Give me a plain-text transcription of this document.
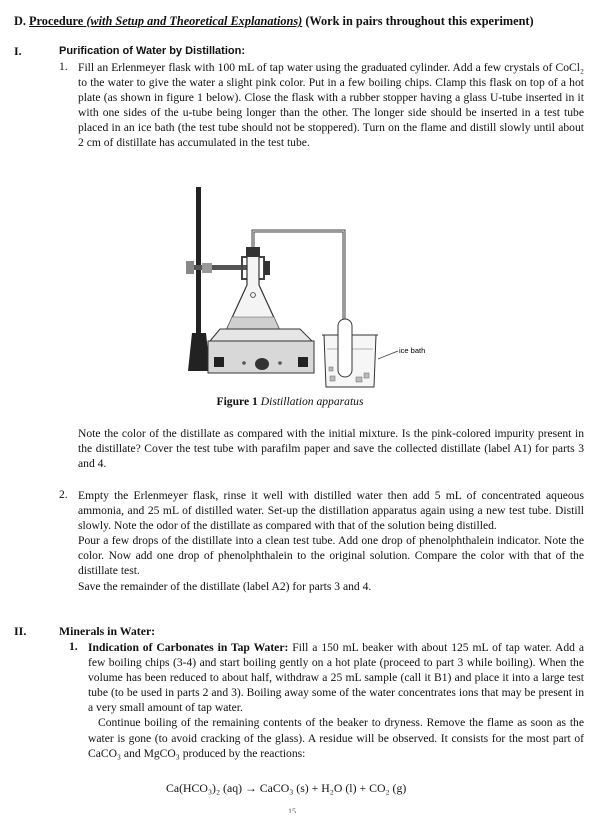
D. Procedure (with Setup and Theoretical Explanations) (Work in pairs throughout this experiment)
I.	Purification of Water by Distillation:
1. Fill an Erlenmeyer flask with 100 mL of tap water using the graduated cylinder. Add a few crystals of CoCl₂ to the water to give the water a slight pink color. Put in a few boiling chips. Clamp this flask on top of a hot plate (as shown in figure 1 below). Close the flask with a rubber stopper having a glass U-tube inserted in it with one sides of the u-tube being longer than the other. The longer side should be inserted in a test tube placed in an ice bath (the test tube should not be stoppered). Turn on the flame and distill slowly until about 2 cm of distillate has accumulated in the test tube.

ice bath
Figure 1 Distillation apparatus

Note the color of the distillate as compared with the initial mixture. Is the pink-colored impurity present in the distillate? Cover the test tube with parafilm paper and save the collected distillate (label A1) for parts 3 and 4.

2. Empty the Erlenmeyer flask, rinse it well with distilled water then add 5 mL of concentrated aqueous ammonia, and 25 mL of distilled water. Set-up the distillation apparatus again using a new test tube. Distill slowly. Note the odor of the distillate as compared with that of the solution being distilled.

Pour a few drops of the distillate into a clean test tube. Add one drop of phenolphthalein indicator. Note the color. Now add one drop of phenolphthalein to the original solution. Compare the color with that of the distillate test.

Save the remainder of the distillate (label A2) for parts 3 and 4.

II.	Minerals in Water:
1. Indication of Carbonates in Tap Water: Fill a 150 mL beaker with about 125 mL of tap water. Add a few boiling chips (3-4) and start boiling gently on a hot plate (proceed to part 3 while boiling). When the volume has been reduced to about half, withdraw a 25 mL sample (call it B1) and place it into a large test tube (to be used in parts 2 and 3). Boiling away some of the water concentrates ions that may be present in a very small amount of tap water.

Continue boiling of the remaining contents of the beaker to dryness. Remove the flame as soon as the water is gone (to avoid cracking of the glass). A residue will be observed. It consists for the most part of CaCO₃ and MgCO₃ produced by the reactions:

Ca(HCO₃)₂ (aq) → CaCO₃ (s) + H₂O (l) + CO₂ (g)
15
